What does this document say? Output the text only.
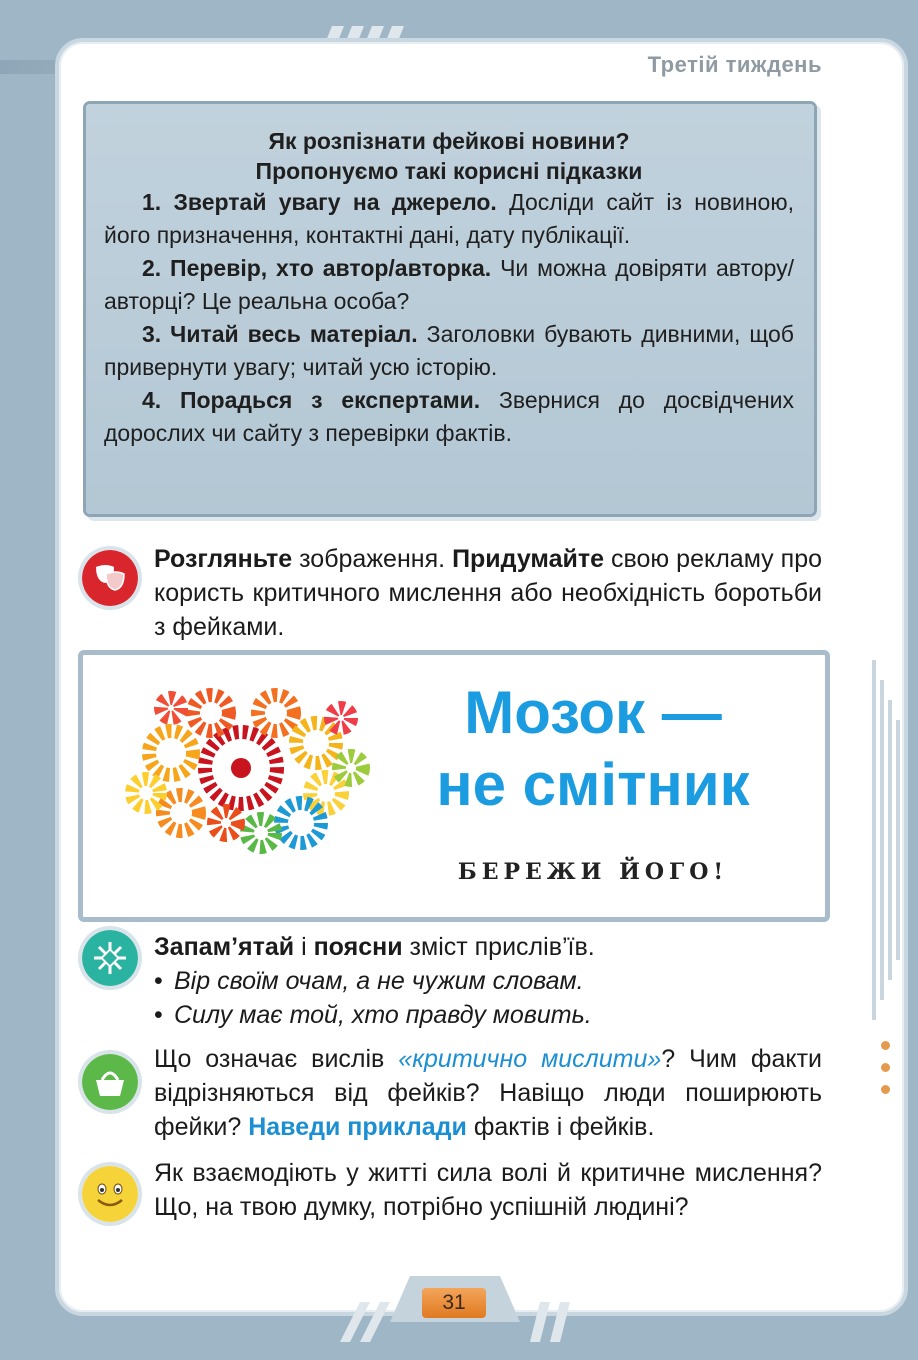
Третій тиждень
Як розпізнати фейкові новини?
Пропонуємо такі корисні підказки

1. Звертай увагу на джерело. Досліди сайт із новиною, його призначення, контактні дані, дату публікації.

2. Перевір, хто автор/авторка. Чи можна довіряти автору/авторці? Це реальна особа?

3. Читай весь матеріал. Заголовки бувають дивними, щоб привернути увагу; читай усю історію.

4. Порадься з експертами. Звернися до досвідчених дорослих чи сайту з перевірки фактів.

Розгляньте зображення. Придумайте свою рекламу про користь критичного мислення або необхідність боротьби з фейками.
Мозок —
не смітник
БЕРЕЖИ ЙОГО!
Запам’ятай і поясни зміст прислів’їв.
• Вір своїм очам, а не чужим словам.
• Силу має той, хто правду мовить.
Що означає вислів «критично мислити»? Чим факти відрізняються від фейків? Навіщо люди поширюють фейки? Наведи приклади фактів і фейків.
Як взаємодіють у житті сила волі й критичне мислення? Що, на твою думку, потрібно успішній людині?
31
